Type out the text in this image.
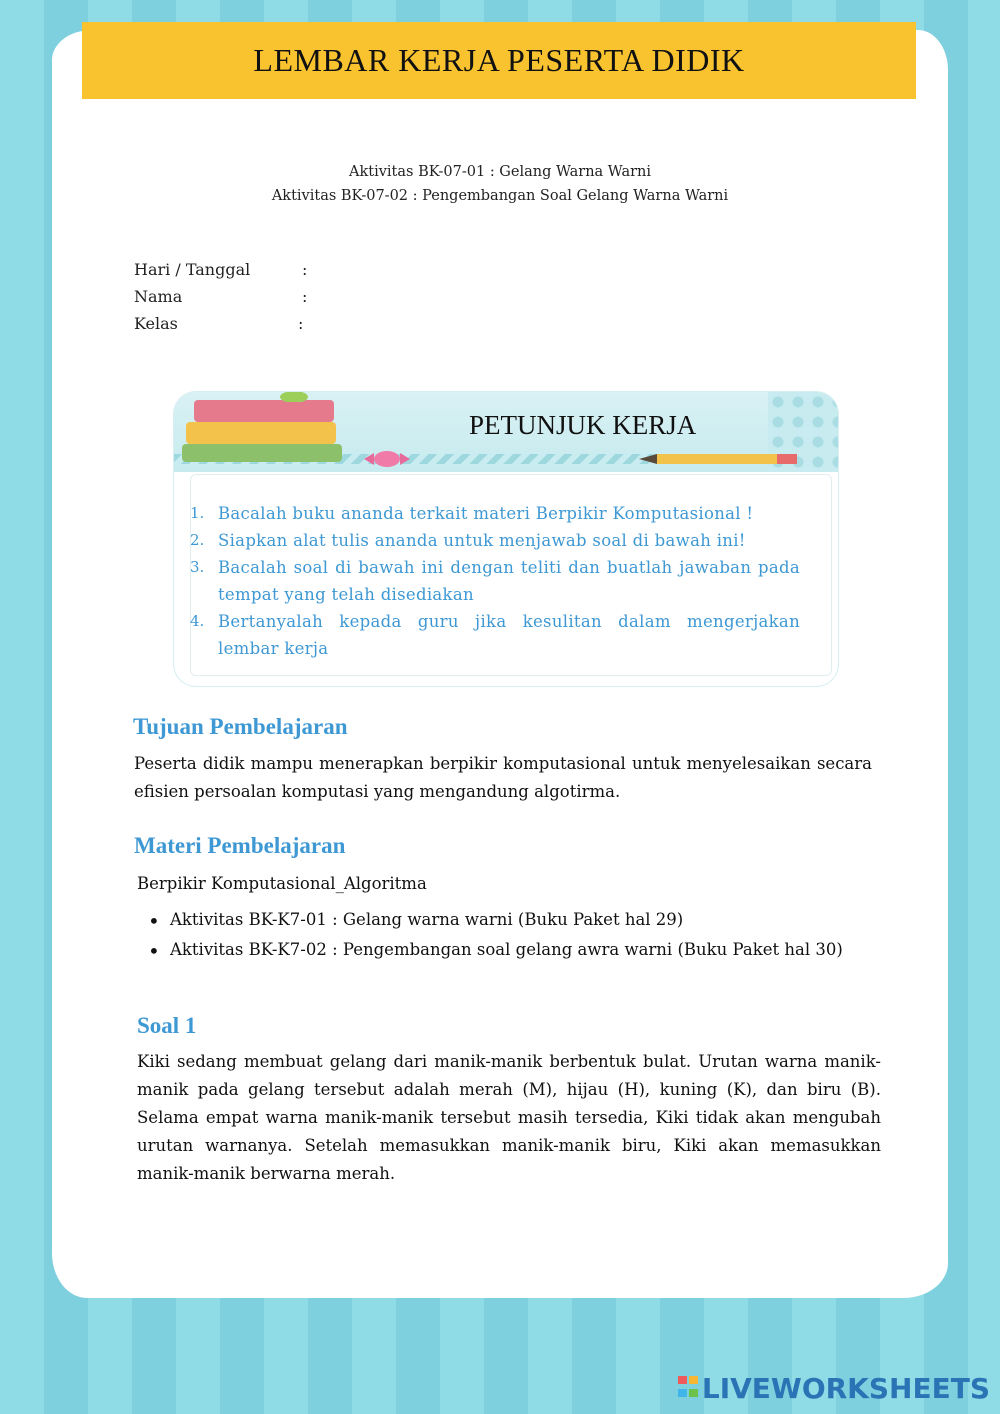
LEMBAR KERJA PESERTA DIDIK
Aktivitas BK-07-01 : Gelang Warna Warni
Aktivitas BK-07-02 : Pengembangan Soal Gelang Warna Warni
Hari / Tanggal	:
Nama	:
Kelas	:
PETUNJUK KERJA
1. Bacalah buku ananda terkait materi Berpikir Komputasional !
2. Siapkan alat tulis ananda untuk menjawab soal di bawah ini!
3. Bacalah soal di bawah ini dengan teliti dan buatlah jawaban pada tempat yang telah disediakan
4. Bertanyalah kepada guru jika kesulitan dalam mengerjakan lembar kerja
Tujuan Pembelajaran
Peserta didik mampu menerapkan berpikir komputasional untuk menyelesaikan secara efisien persoalan komputasi yang mengandung algotirma.
Materi Pembelajaran
Berpikir Komputasional_Algoritma
• Aktivitas BK-K7-01 : Gelang warna warni (Buku Paket hal 29)
• Aktivitas BK-K7-02 : Pengembangan soal gelang awra warni (Buku Paket hal 30)
Soal 1
Kiki sedang membuat gelang dari manik-manik berbentuk bulat. Urutan warna manik-manik pada gelang tersebut adalah merah (M), hijau (H), kuning (K), dan biru (B). Selama empat warna manik-manik tersebut masih tersedia, Kiki tidak akan mengubah urutan warnanya. Setelah memasukkan manik-manik biru, Kiki akan memasukkan manik-manik berwarna merah.
LIVEWORKSHEETS
